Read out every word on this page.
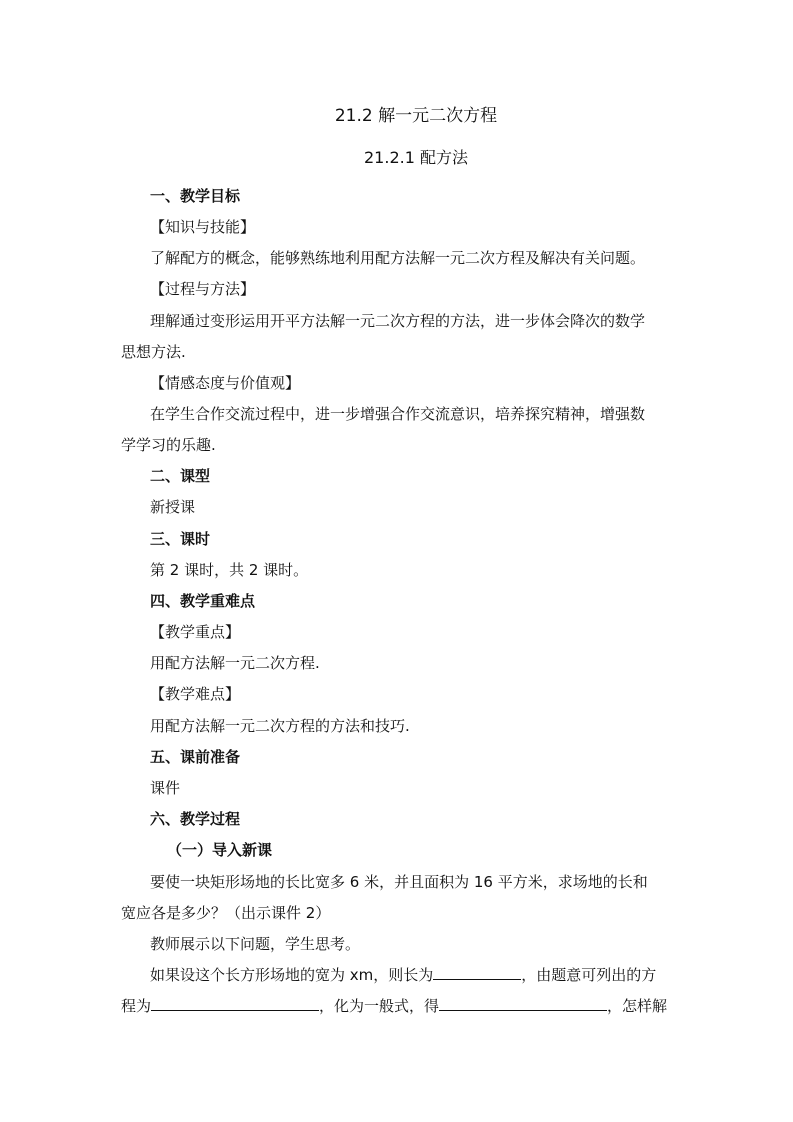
21.2 解一元二次方程
21.2.1 配方法
一、教学目标
【知识与技能】
了解配方的概念，能够熟练地利用配方法解一元二次方程及解决有关问题。
【过程与方法】
理解通过变形运用开平方法解一元二次方程的方法，进一步体会降次的数学
思想方法.
【情感态度与价值观】
在学生合作交流过程中，进一步增强合作交流意识，培养探究精神，增强数
学学习的乐趣.
二、课型
新授课
三、课时
第 2 课时，共 2 课时。
四、教学重难点
【教学重点】
用配方法解一元二次方程.
【教学难点】
用配方法解一元二次方程的方法和技巧.
五、课前准备
课件
六、教学过程
（一）导入新课
要使一块矩形场地的长比宽多 6 米，并且面积为 16 平方米，求场地的长和
宽应各是多少？（出示课件 2）
教师展示以下问题，学生思考。
如果设这个长方形场地的宽为 xm，则长为	，由题意可列出的方
程为	，化为一般式，得	，怎样解
